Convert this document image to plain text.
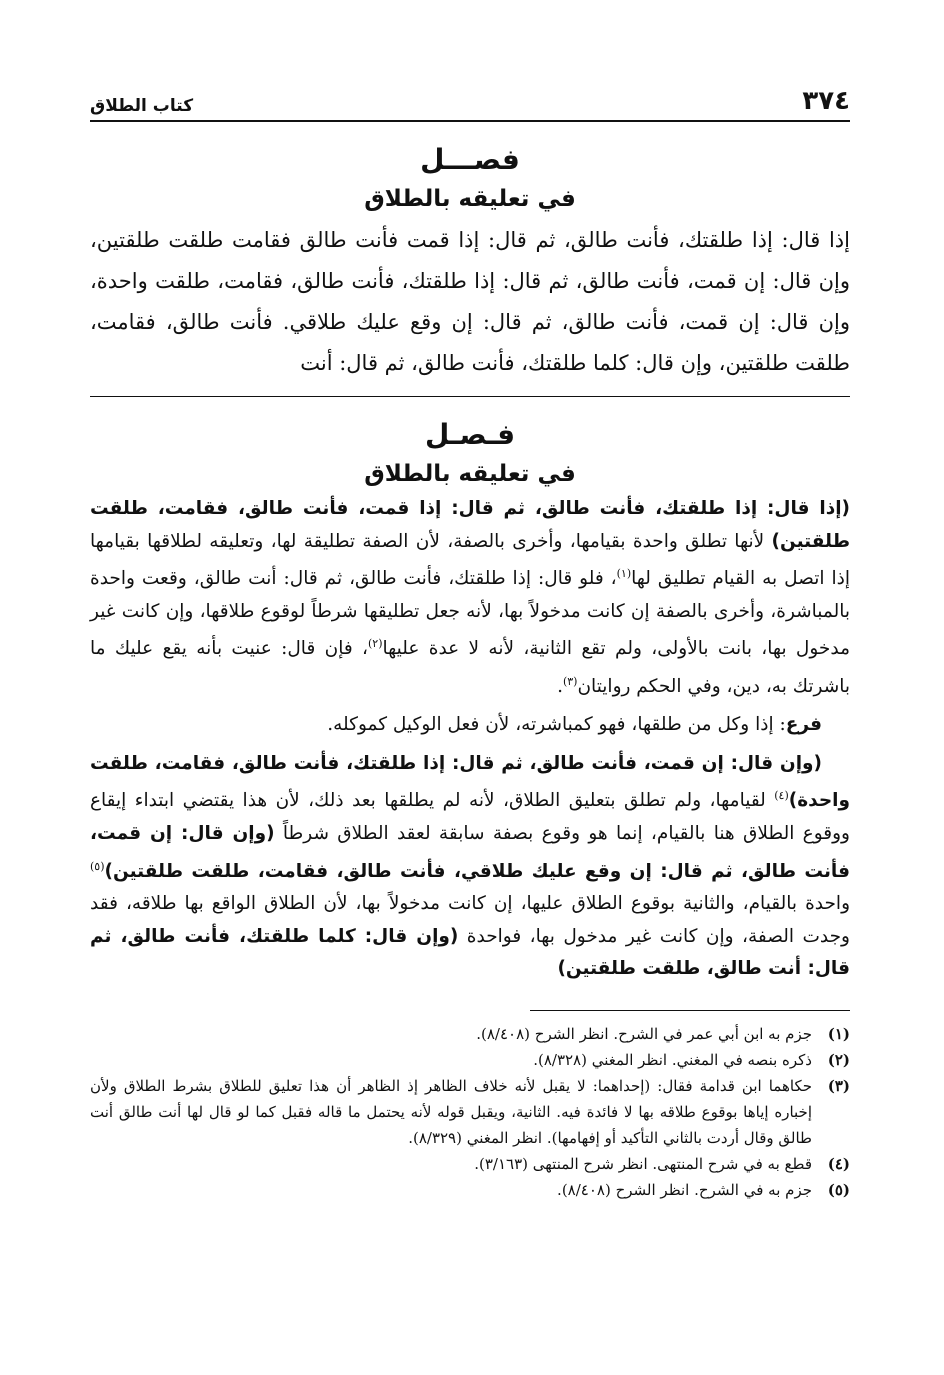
٣٧٤
كتاب الطلاق
فصـــل
في تعليقه بالطلاق

إذا قال: إذا طلقتك، فأنت طالق، ثم قال: إذا قمت فأنت طالق فقامت طلقت طلقتين، وإن قال: إن قمت، فأنت طالق، ثم قال: إذا طلقتك، فأنت طالق، فقامت، طلقت واحدة، وإن قال: إن قمت، فأنت طالق، ثم قال: إن وقع عليك طلاقي. فأنت طالق، فقامت، طلقت طلقتين، وإن قال: كلما طلقتك، فأنت طالق، ثم قال: أنت

فـصـل
في تعليقه بالطلاق

(إذا قال: إذا طلقتك، فأنت طالق، ثم قال: إذا قمت، فأنت طالق، فقامت، طلقت طلقتين) لأنها تطلق واحدة بقيامها، وأخرى بالصفة، لأن الصفة تطليقة لها، وتعليقه لطلاقها بقيامها إذا اتصل به القيام تطليق لها$^{(١)}$، فلو قال: إذا طلقتك، فأنت طالق، ثم قال: أنت طالق، وقعت واحدة بالمباشرة، وأخرى بالصفة إن كانت مدخولاً بها، لأنه جعل تطليقها شرطاً لوقوع طلاقها، وإن كانت غير مدخول بها، بانت بالأولى، ولم تقع الثانية، لأنه لا عدة عليها$^{(٢)}$، فإن قال: عنيت بأنه يقع عليك ما باشرتك به، دين، وفي الحكم روايتان$^{(٣)}$.

فرع: إذا وكل من طلقها، فهو كمباشرته، لأن فعل الوكيل كموكله.

(وإن قال: إن قمت، فأنت طالق، ثم قال: إذا طلقتك، فأنت طالق، فقامت، طلقت واحدة)$^{(٤)}$ لقيامها، ولم تطلق بتعليق الطلاق، لأنه لم يطلقها بعد ذلك، لأن هذا يقتضي ابتداء إيقاع ووقوع الطلاق هنا بالقيام، إنما هو وقوع بصفة سابقة لعقد الطلاق شرطاً (وإن قال: إن قمت، فأنت طالق، ثم قال: إن وقع عليك طلاقي، فأنت طالق، فقامت، طلقت طلقتين)$^{(٥)}$ واحدة بالقيام، والثانية بوقوع الطلاق عليها، إن كانت مدخولاً بها، لأن الطلاق الواقع بها طلاقه، فقد وجدت الصفة، وإن كانت غير مدخول بها، فواحدة (وإن قال: كلما طلقتك، فأنت طالق، ثم قال: أنت طالق، طلقت طلقتين)

(١)
جزم به ابن أبي عمر في الشرح. انظر الشرح (٨/٤٠٨).
(٢)
ذكره بنصه في المغني. انظر المغني (٨/٣٢٨).
(٣)
حكاهما ابن قدامة فقال: (إحداهما: لا يقبل لأنه خلاف الظاهر إذ الظاهر أن هذا تعليق للطلاق بشرط الطلاق ولأن إخباره إياها بوقوع طلاقه بها لا فائدة فيه. الثانية، ويقبل قوله لأنه يحتمل ما قاله فقبل كما لو قال لها أنت طالق أنت طالق وقال أردت بالثاني التأكيد أو إفهامها). انظر المغني (٨/٣٢٩).
(٤)
قطع به في شرح المنتهى. انظر شرح المنتهى (٣/١٦٣).
(٥)
جزم به في الشرح. انظر الشرح (٨/٤٠٨).
